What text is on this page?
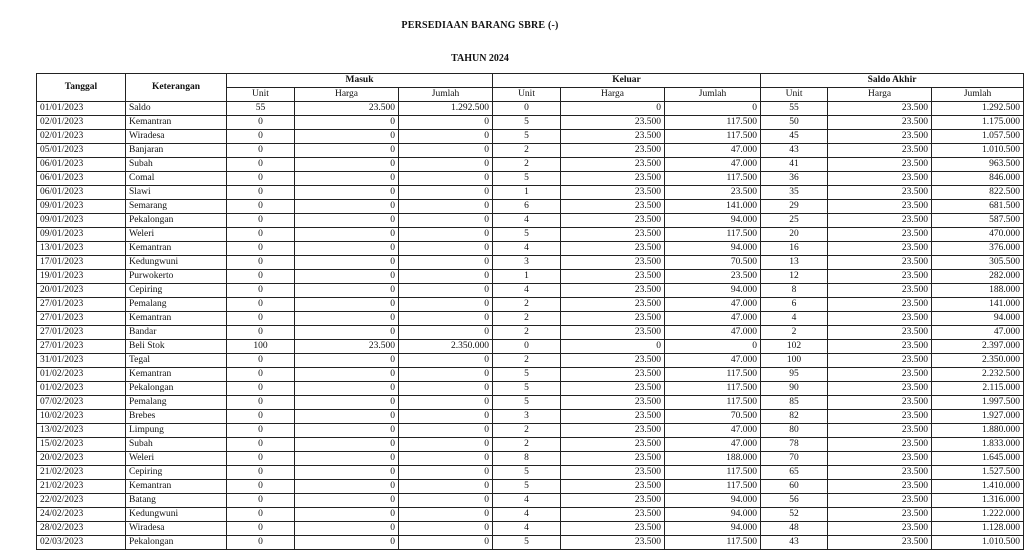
PERSEDIAAN BARANG SBRE (-)
TAHUN 2024
Tanggal	Keterangan	Masuk			Keluar			Saldo Akhir		
		Unit	Harga	Jumlah	Unit	Harga	Jumlah	Unit	Harga	Jumlah
01/01/2023	Saldo	55	23.500	1.292.500	0	0	0	55	23.500	1.292.500
02/01/2023	Kemantran	0	0	0	5	23.500	117.500	50	23.500	1.175.000
02/01/2023	Wiradesa	0	0	0	5	23.500	117.500	45	23.500	1.057.500
05/01/2023	Banjaran	0	0	0	2	23.500	47.000	43	23.500	1.010.500
06/01/2023	Subah	0	0	0	2	23.500	47.000	41	23.500	963.500
06/01/2023	Comal	0	0	0	5	23.500	117.500	36	23.500	846.000
06/01/2023	Slawi	0	0	0	1	23.500	23.500	35	23.500	822.500
09/01/2023	Semarang	0	0	0	6	23.500	141.000	29	23.500	681.500
09/01/2023	Pekalongan	0	0	0	4	23.500	94.000	25	23.500	587.500
09/01/2023	Weleri	0	0	0	5	23.500	117.500	20	23.500	470.000
13/01/2023	Kemantran	0	0	0	4	23.500	94.000	16	23.500	376.000
17/01/2023	Kedungwuni	0	0	0	3	23.500	70.500	13	23.500	305.500
19/01/2023	Purwokerto	0	0	0	1	23.500	23.500	12	23.500	282.000
20/01/2023	Cepiring	0	0	0	4	23.500	94.000	8	23.500	188.000
27/01/2023	Pemalang	0	0	0	2	23.500	47.000	6	23.500	141.000
27/01/2023	Kemantran	0	0	0	2	23.500	47.000	4	23.500	94.000
27/01/2023	Bandar	0	0	0	2	23.500	47.000	2	23.500	47.000
27/01/2023	Beli Stok	100	23.500	2.350.000	0	0	0	102	23.500	2.397.000
31/01/2023	Tegal	0	0	0	2	23.500	47.000	100	23.500	2.350.000
01/02/2023	Kemantran	0	0	0	5	23.500	117.500	95	23.500	2.232.500
01/02/2023	Pekalongan	0	0	0	5	23.500	117.500	90	23.500	2.115.000
07/02/2023	Pemalang	0	0	0	5	23.500	117.500	85	23.500	1.997.500
10/02/2023	Brebes	0	0	0	3	23.500	70.500	82	23.500	1.927.000
13/02/2023	Limpung	0	0	0	2	23.500	47.000	80	23.500	1.880.000
15/02/2023	Subah	0	0	0	2	23.500	47.000	78	23.500	1.833.000
20/02/2023	Weleri	0	0	0	8	23.500	188.000	70	23.500	1.645.000
21/02/2023	Cepiring	0	0	0	5	23.500	117.500	65	23.500	1.527.500
21/02/2023	Kemantran	0	0	0	5	23.500	117.500	60	23.500	1.410.000
22/02/2023	Batang	0	0	0	4	23.500	94.000	56	23.500	1.316.000
24/02/2023	Kedungwuni	0	0	0	4	23.500	94.000	52	23.500	1.222.000
28/02/2023	Wiradesa	0	0	0	4	23.500	94.000	48	23.500	1.128.000
02/03/2023	Pekalongan	0	0	0	5	23.500	117.500	43	23.500	1.010.500
